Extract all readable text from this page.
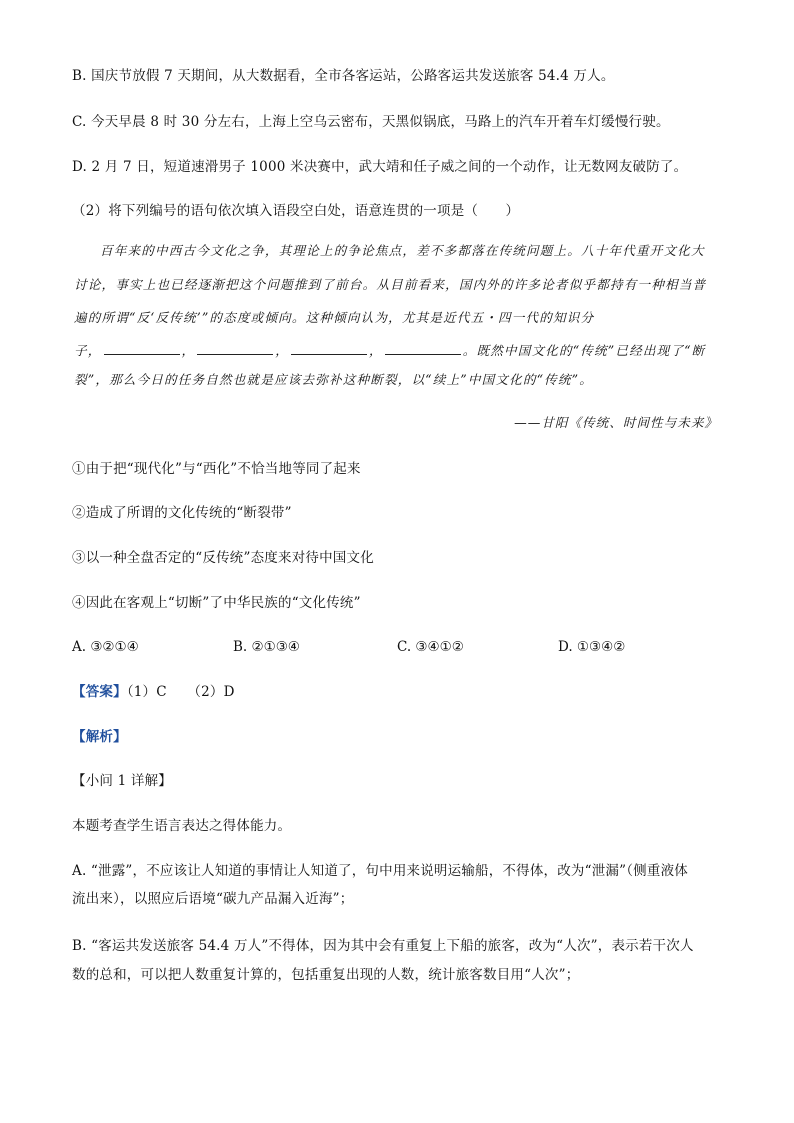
B. 国庆节放假 7 天期间，从大数据看，全市各客运站，公路客运共发送旅客 54.4 万人。
C. 今天早晨 8 时 30 分左右，上海上空乌云密布，天黑似锅底，马路上的汽车开着车灯缓慢行驶。
D. 2 月 7 日，短道速滑男子 1000 米决赛中，武大靖和任子威之间的一个动作，让无数网友破防了。
（2）将下列编号的语句依次填入语段空白处，语意连贯的一项是（　　）
百年来的中西古今文化之争，其理论上的争论焦点，差不多都落在传统问题上。八十年代重开文化大
讨论，事实上也已经逐渐把这个问题推到了前台。从目前看来，国内外的许多论者似乎都持有一种相当普
遍的所谓“反‘反传统’”的态度或倾向。这种倾向认为，尤其是近代五・四一代的知识分
子，	，	，	，	。既然中国文化的“传统”已经出现了“断
裂”，那么今日的任务自然也就是应该去弥补这种断裂，以“续上”中国文化的“传统”。
——甘阳《传统、时间性与未来》
①由于把“现代化”与“西化”不恰当地等同了起来
②造成了所谓的文化传统的“断裂带”
③以一种全盘否定的“反传统”态度来对待中国文化
④因此在客观上“切断”了中华民族的“文化传统”
A. ③②①④	B. ②①③④	C. ③④①②	D. ①③④②
【答案】（1）C　　（2）D
【解析】
【小问 1 详解】
本题考查学生语言表达之得体能力。
A. “泄露”，不应该让人知道的事情让人知道了，句中用来说明运输船，不得体，改为“泄漏”（侧重液体
流出来），以照应后语境“碳九产品漏入近海”；
B. “客运共发送旅客 54.4 万人”不得体，因为其中会有重复上下船的旅客，改为“人次”，表示若干次人
数的总和，可以把人数重复计算的，包括重复出现的人数，统计旅客数目用“人次”；
